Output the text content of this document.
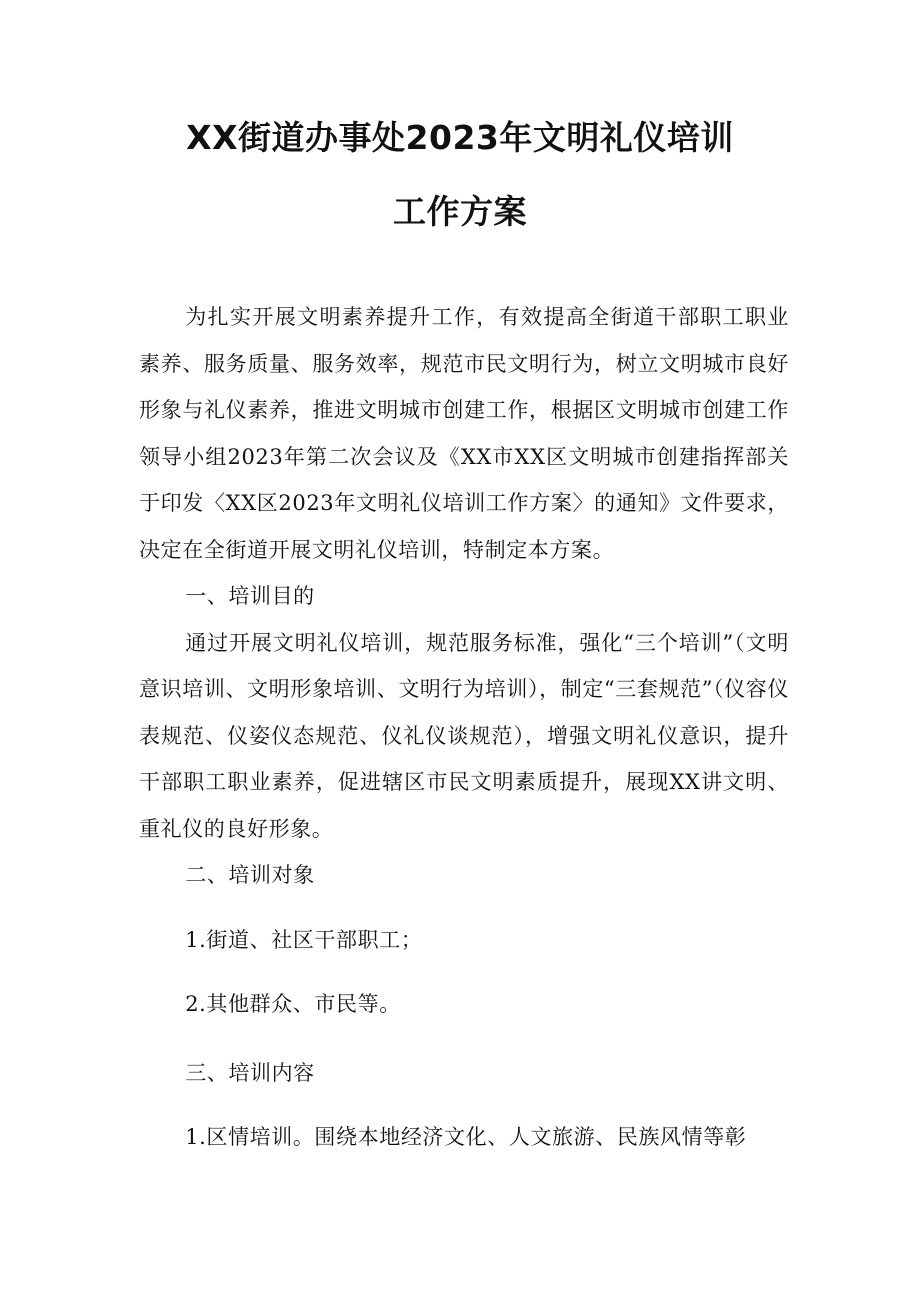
XX街道办事处2023年文明礼仪培训
工作方案

为扎实开展文明素养提升工作，有效提高全街道干部职工职业素养、服务质量、服务效率，规范市民文明行为，树立文明城市良好形象与礼仪素养，推进文明城市创建工作，根据区文明城市创建工作领导小组2023年第二次会议及《XX市XX区文明城市创建指挥部关于印发〈XX区2023年文明礼仪培训工作方案〉的通知》文件要求，决定在全街道开展文明礼仪培训，特制定本方案。

一、培训目的

通过开展文明礼仪培训，规范服务标准，强化“三个培训”（文明意识培训、文明形象培训、文明行为培训），制定“三套规范”（仪容仪表规范、仪姿仪态规范、仪礼仪谈规范），增强文明礼仪意识，提升干部职工职业素养，促进辖区市民文明素质提升，展现XX讲文明、重礼仪的良好形象。

二、培训对象

1.街道、社区干部职工；

2.其他群众、市民等。

三、培训内容

1.区情培训。围绕本地经济文化、人文旅游、民族风情等彰
